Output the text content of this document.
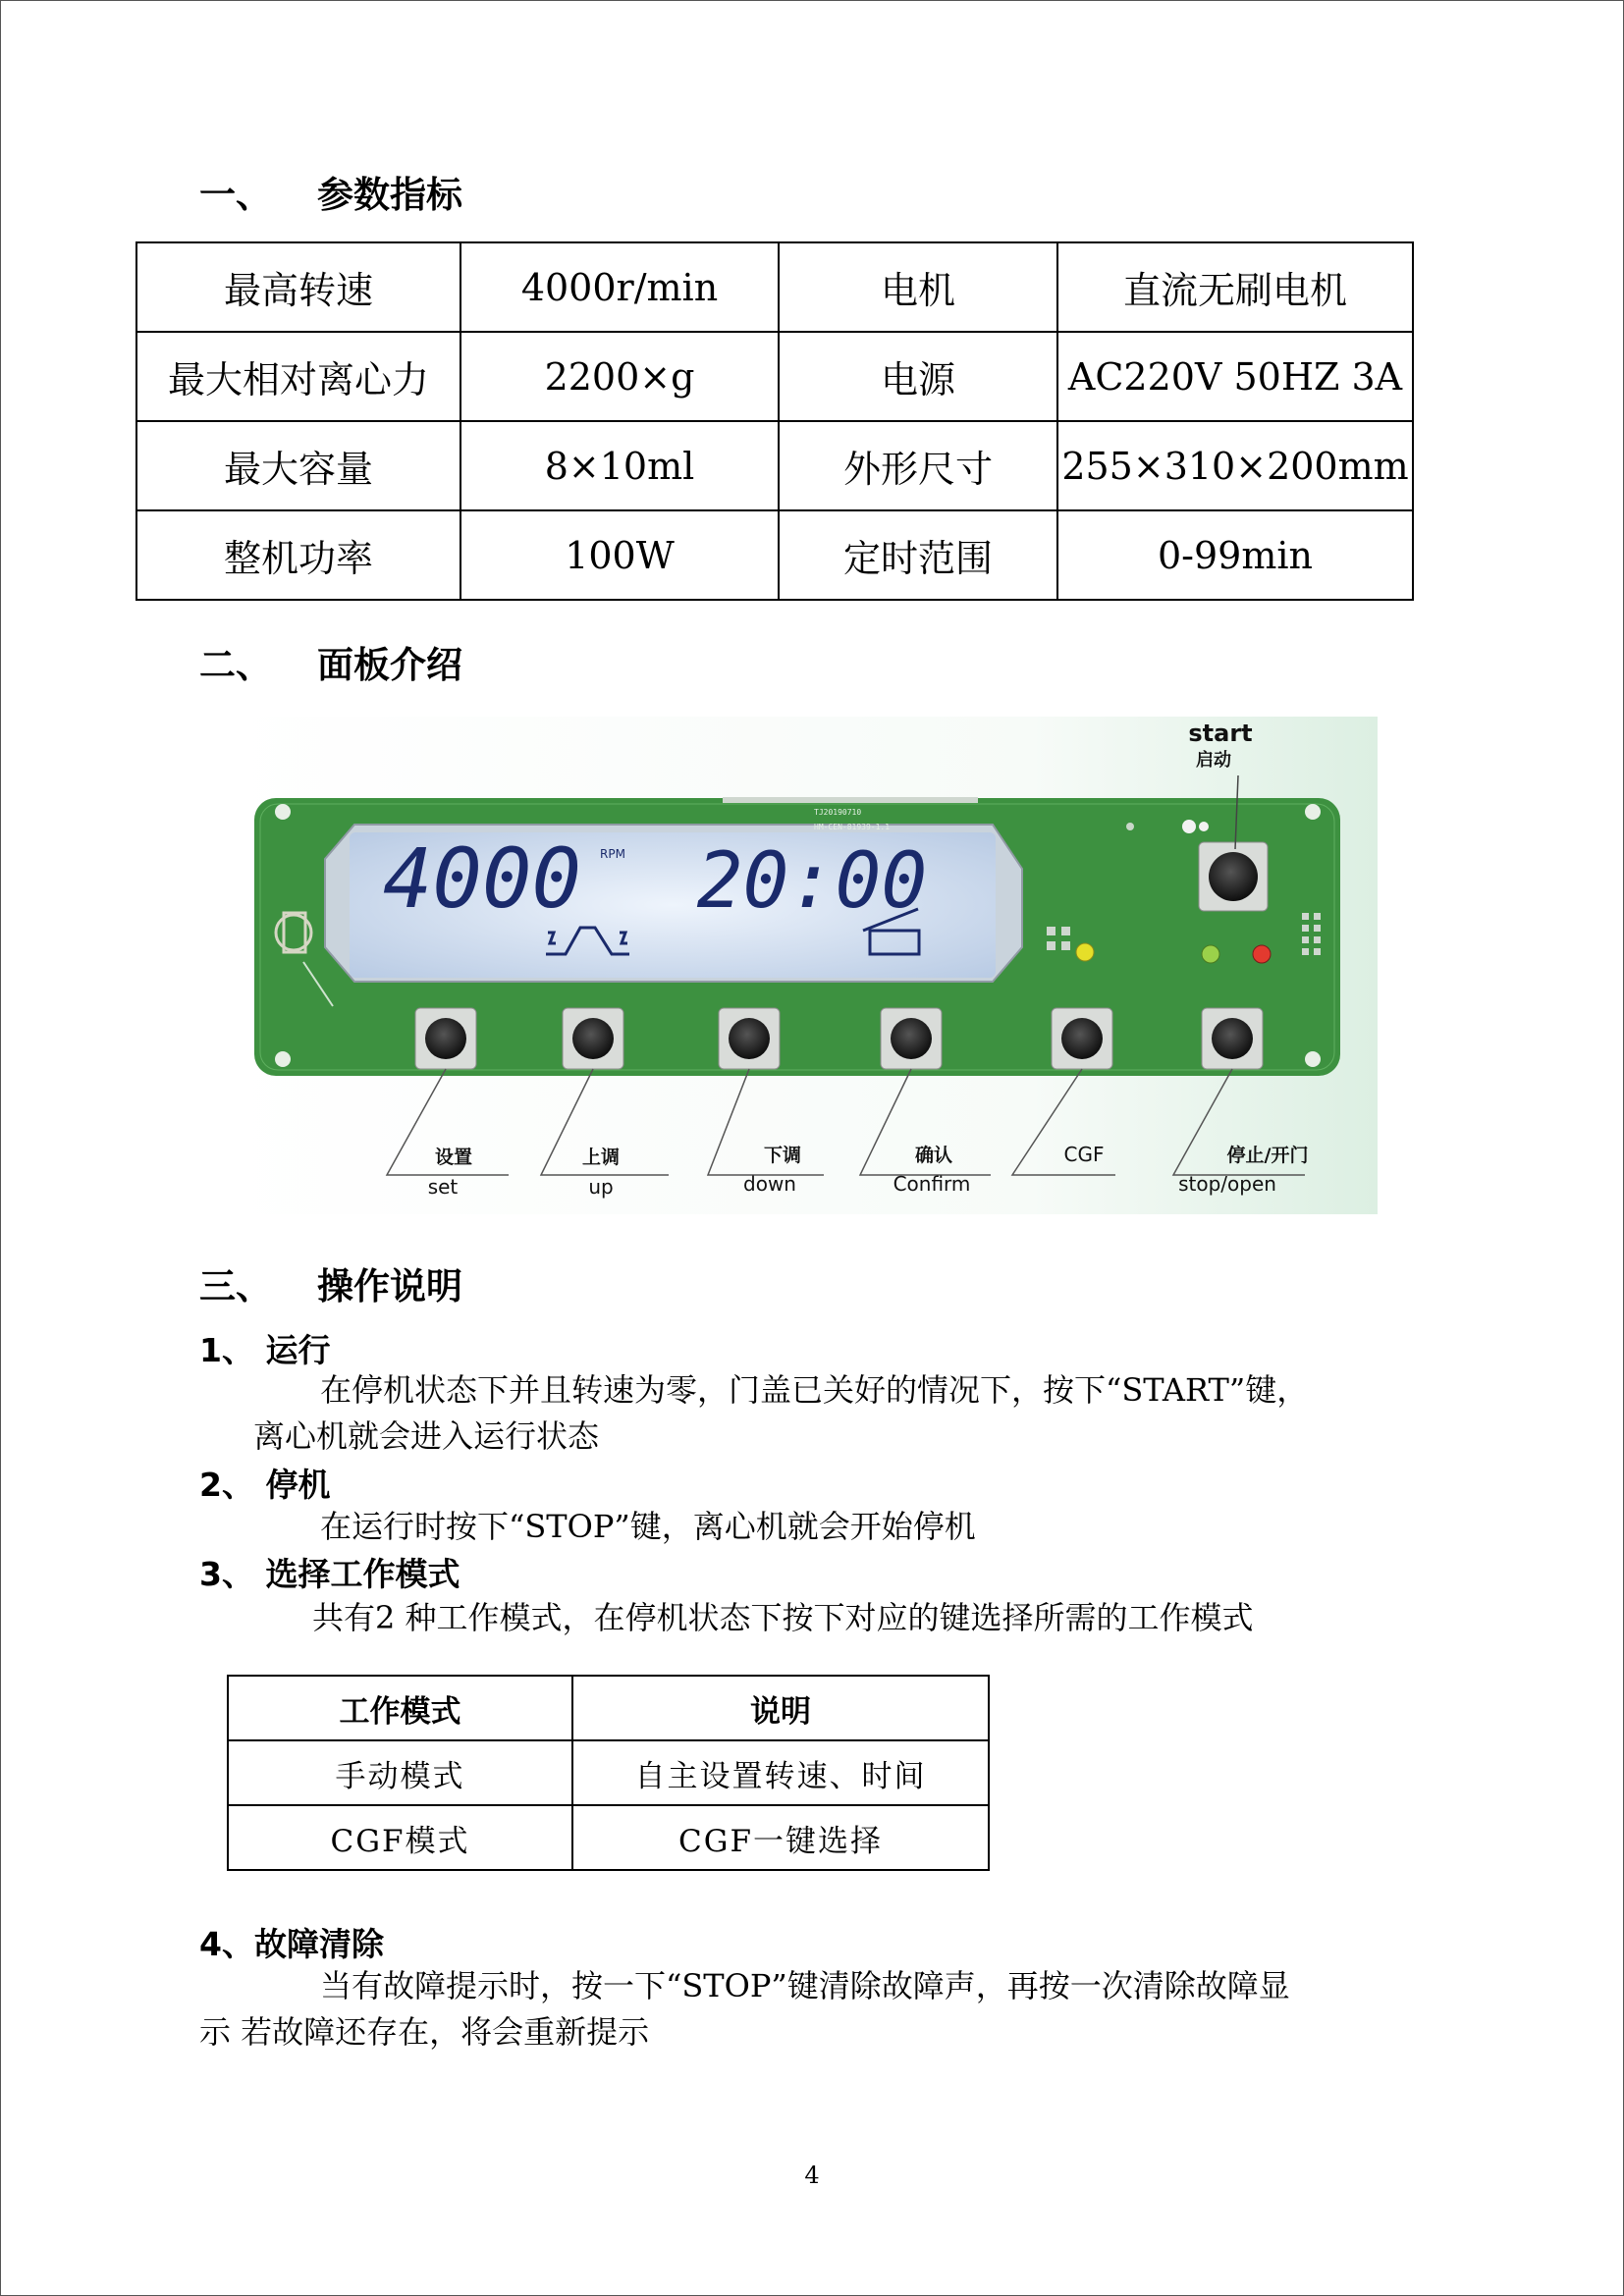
一、 参数指标
最高转速	4000r/min	电机	直流无刷电机
最大相对离心力	2200×g	电源	AC220V 50HZ 3A
最大容量	8×10ml	外形尺寸	255×310×200mm
整机功率	100W	定时范围	0-99min
二、 面板介绍
4000 RPM 20:00
TJ20190710
HM-CEN-81939-1.1
start
启动
设置
set
上调
up
下调
down
确认
Confirm
CGF	停止/开门
stop/open
三、 操作说明
1、 运行
在停机状态下并且转速为零，门盖已关好的情况下，按下“START”键，
离心机就会进入运行状态
2、 停机
在运行时按下“STOP”键，离心机就会开始停机
3、 选择工作模式
共有2 种工作模式，在停机状态下按下对应的键选择所需的工作模式
工作模式	说明
手动模式	自主设置转速、时间
CGF模式	CGF一键选择
4、故障清除
当有故障提示时，按一下“STOP”键清除故障声，再按一次清除故障显
示 若故障还存在，将会重新提示
4
